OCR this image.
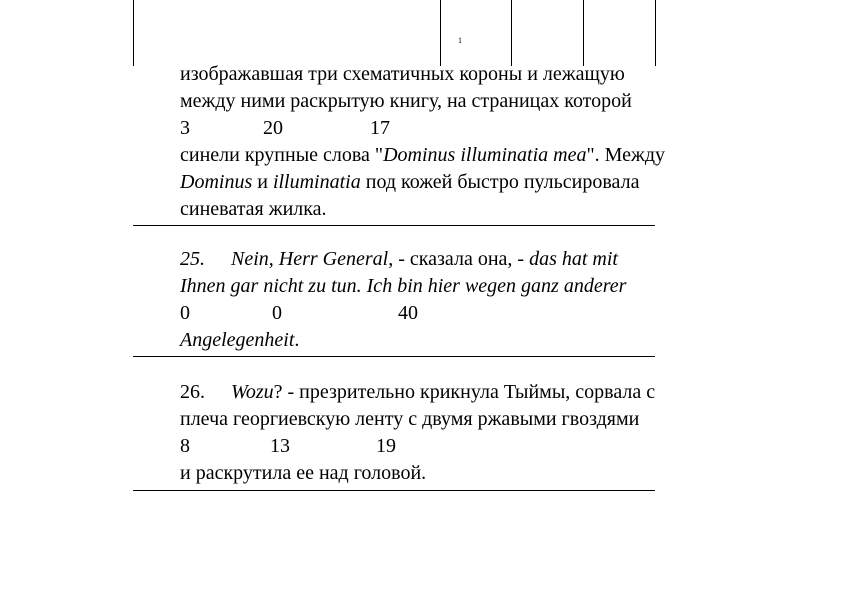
1
изображавшая три схематичных короны и лежащую
между ними раскрытую книгу, на страницах которой
3	20	17
синели крупные слова "Dominus illuminatia mea". Между
Dominus и illuminatia под кожей быстро пульсировала
синеватая жилка.
25. Nein, Herr General, - сказала она, - das hat mit
Ihnen gar nicht zu tun. Ich bin hier wegen ganz anderer
0	0	40
Angelegenheit.
26. Wozu? - презрительно крикнула Тыймы, сорвала с
плеча георгиевскую ленту с двумя ржавыми гвоздями
8	13	19
и раскрутила ее над головой.
